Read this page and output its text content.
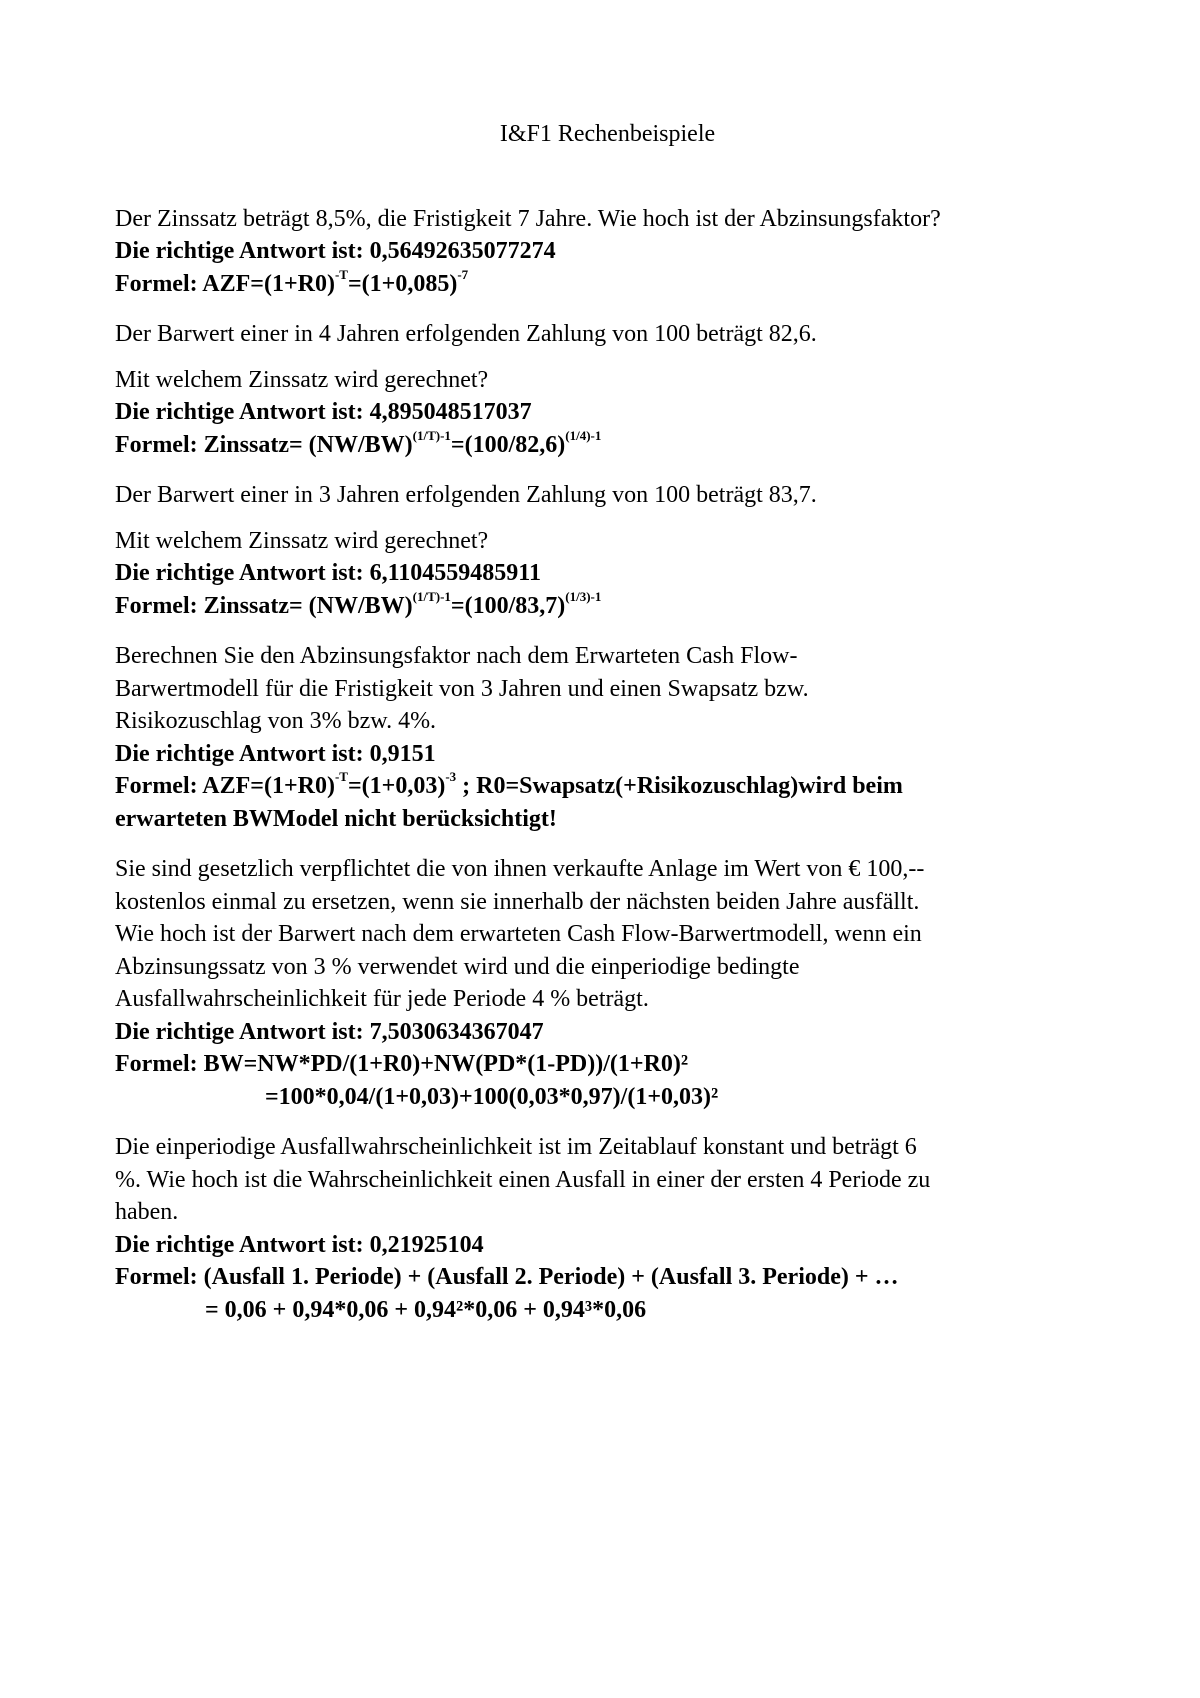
I&F1 Rechenbeispiele

Der Zinssatz beträgt 8,5%, die Fristigkeit 7 Jahre. Wie hoch ist der Abzinsungsfaktor?

Die richtige Antwort ist: 0,56492635077274

Formel: $AZF=(1+R0)^{-T}=(1+0,085)^{-7}$

Der Barwert einer in 4 Jahren erfolgenden Zahlung von 100 beträgt 82,6.

Mit welchem Zinssatz wird gerechnet?

Die richtige Antwort ist: 4,895048517037

Formel: Zinssatz= $(NW/BW)^{(1/T)-1}=(100/82,6)^{(1/4)-1}$

Der Barwert einer in 3 Jahren erfolgenden Zahlung von 100 beträgt 83,7.

Mit welchem Zinssatz wird gerechnet?

Die richtige Antwort ist: 6,1104559485911

Formel: Zinssatz= $(NW/BW)^{(1/T)-1}=(100/83,7)^{(1/3)-1}$

Berechnen Sie den Abzinsungsfaktor nach dem Erwarteten Cash Flow-

Barwertmodell für die Fristigkeit von 3 Jahren und einen Swapsatz bzw.

Risikozuschlag von 3% bzw. 4%.

Die richtige Antwort ist: 0,9151

Formel: $AZF=(1+R0)^{-T}=(1+0,03)^{-3}$ ; R0=Swapsatz(+Risikozuschlag)wird beim

erwarteten BWModel nicht berücksichtigt!

Sie sind gesetzlich verpflichtet die von ihnen verkaufte Anlage im Wert von € 100,--

kostenlos einmal zu ersetzen, wenn sie innerhalb der nächsten beiden Jahre ausfällt.

Wie hoch ist der Barwert nach dem erwarteten Cash Flow-Barwertmodell, wenn ein

Abzinsungssatz von 3 % verwendet wird und die einperiodige bedingte

Ausfallwahrscheinlichkeit für jede Periode 4 % beträgt.

Die richtige Antwort ist: 7,5030634367047

Formel: BW=NW*PD/(1+R0)+NW(PD*(1-PD))/(1+R0)²

=100*0,04/(1+0,03)+100(0,03*0,97)/(1+0,03)²

Die einperiodige Ausfallwahrscheinlichkeit ist im Zeitablauf konstant und beträgt 6

%. Wie hoch ist die Wahrscheinlichkeit einen Ausfall in einer der ersten 4 Periode zu

haben.

Die richtige Antwort ist: 0,21925104

Formel: (Ausfall 1. Periode) + (Ausfall 2. Periode) + (Ausfall 3. Periode) + …

= 0,06 + 0,94*0,06 + 0,94²*0,06 + 0,94³*0,06
